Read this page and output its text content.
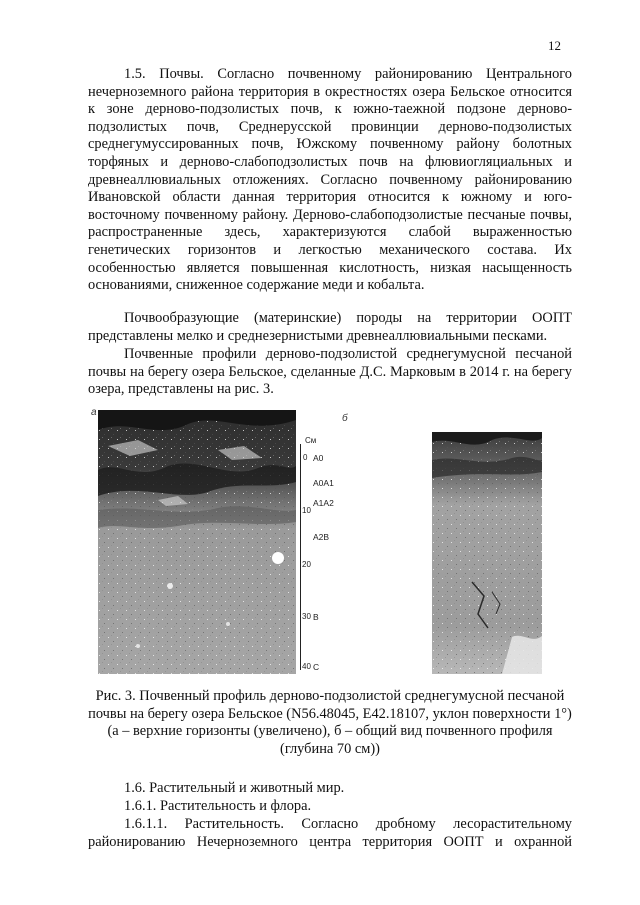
12

1.5. Почвы. Согласно почвенному районированию Центрального нечерноземного района территория в окрестностях озера Бельское относится к зоне дерново-подзолистых почв, к южно-таежной подзоне дерново-подзолистых почв, Среднерусской провинции дерново-подзолистых среднегумуссированных почв, Южскому почвенному району болотных торфяных и дерново-слабоподзолистых почв на флювиогляциальных и древнеаллювиальных отложениях. Согласно почвенному районированию Ивановской области данная территория относится к южному и юго-восточному почвенному району. Дерново-слабоподзолистые песчаные почвы, распространенные здесь, характеризуются слабой выраженностью генетических горизонтов и легкостью механического состава. Их особенностью является повышенная кислотность, низкая насыщенность основаниями, сниженное содержание меди и кобальта.

Почвообразующие (материнские) породы на территории ООПТ представлены мелко и среднезернистыми древнеаллювиальными песками.

Почвенные профили дерново-подзолистой среднегумусной песчаной почвы на берегу озера Бельское, сделанные Д.С. Марковым в 2014 г. на берегу озера, представлены на рис. 3.

а
б
См
0
10
20
30
40
A0
A0A1
A1A2
A2B
B
C

Рис. 3. Почвенный профиль дерново-подзолистой среднегумусной песчаной почвы на берегу озера Бельское (N56.48045, E42.18107, уклон поверхности 1°) (а – верхние горизонты (увеличено), б – общий вид почвенного профиля (глубина 70 см))

1.6. Растительный и животный мир.
1.6.1. Растительность и флора.
1.6.1.1. Растительность. Согласно дробному лесорастительному
районированию Нечерноземного центра территория ООПТ и охранной
